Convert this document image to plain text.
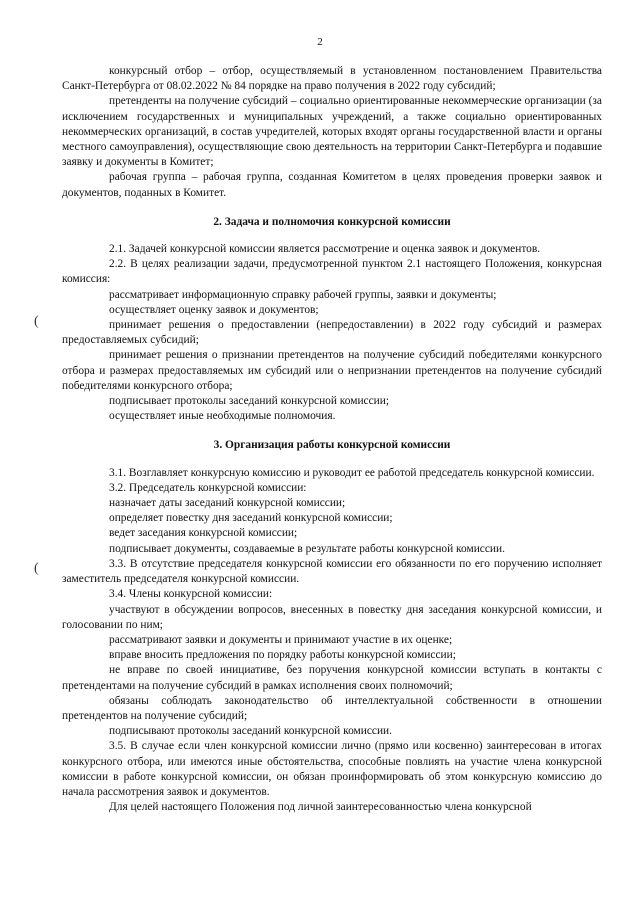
2
(
(

конкурсный отбор – отбор, осуществляемый в установленном постановлением Правительства Санкт-Петербурга от 08.02.2022 № 84 порядке на право получения в 2022 году субсидий;

претенденты на получение субсидий – социально ориентированные некоммерческие организации (за исключением государственных и муниципальных учреждений, а также социально ориентированных некоммерческих организаций, в состав учредителей, которых входят органы государственной власти и органы местного самоуправления), осуществляющие свою деятельность на территории Санкт-Петербурга и подавшие заявку и документы в Комитет;

рабочая группа – рабочая группа, созданная Комитетом в целях проведения проверки заявок и документов, поданных в Комитет.

2. Задача и полномочия конкурсной комиссии

2.1. Задачей конкурсной комиссии является рассмотрение и оценка заявок и документов.

2.2. В целях реализации задачи, предусмотренной пунктом 2.1 настоящего Положения, конкурсная комиссия:

рассматривает информационную справку рабочей группы, заявки и документы;

осуществляет оценку заявок и документов;

принимает решения о предоставлении (непредоставлении) в 2022 году субсидий и размерах предоставляемых субсидий;

принимает решения о признании претендентов на получение субсидий победителями конкурсного отбора и размерах предоставляемых им субсидий или о непризнании претендентов на получение субсидий победителями конкурсного отбора;

подписывает протоколы заседаний конкурсной комиссии;

осуществляет иные необходимые полномочия.

3. Организация работы конкурсной комиссии

3.1. Возглавляет конкурсную комиссию и руководит ее работой председатель конкурсной комиссии.

3.2. Председатель конкурсной комиссии:

назначает даты заседаний конкурсной комиссии;

определяет повестку дня заседаний конкурсной комиссии;

ведет заседания конкурсной комиссии;

подписывает документы, создаваемые в результате работы конкурсной комиссии.

3.3. В отсутствие председателя конкурсной комиссии его обязанности по его поручению исполняет заместитель председателя конкурсной комиссии.

3.4. Члены конкурсной комиссии:

участвуют в обсуждении вопросов, внесенных в повестку дня заседания конкурсной комиссии, и голосовании по ним;

рассматривают заявки и документы и принимают участие в их оценке;

вправе вносить предложения по порядку работы конкурсной комиссии;

не вправе по своей инициативе, без поручения конкурсной комиссии вступать в контакты с претендентами на получение субсидий в рамках исполнения своих полномочий;

обязаны соблюдать законодательство об интеллектуальной собственности в отношении претендентов на получение субсидий;

подписывают протоколы заседаний конкурсной комиссии.

3.5. В случае если член конкурсной комиссии лично (прямо или косвенно) заинтересован в итогах конкурсного отбора, или имеются иные обстоятельства, способные повлиять на участие члена конкурсной комиссии в работе конкурсной комиссии, он обязан проинформировать об этом конкурсную комиссию до начала рассмотрения заявок и документов.

Для целей настоящего Положения под личной заинтересованностью члена конкурсной
